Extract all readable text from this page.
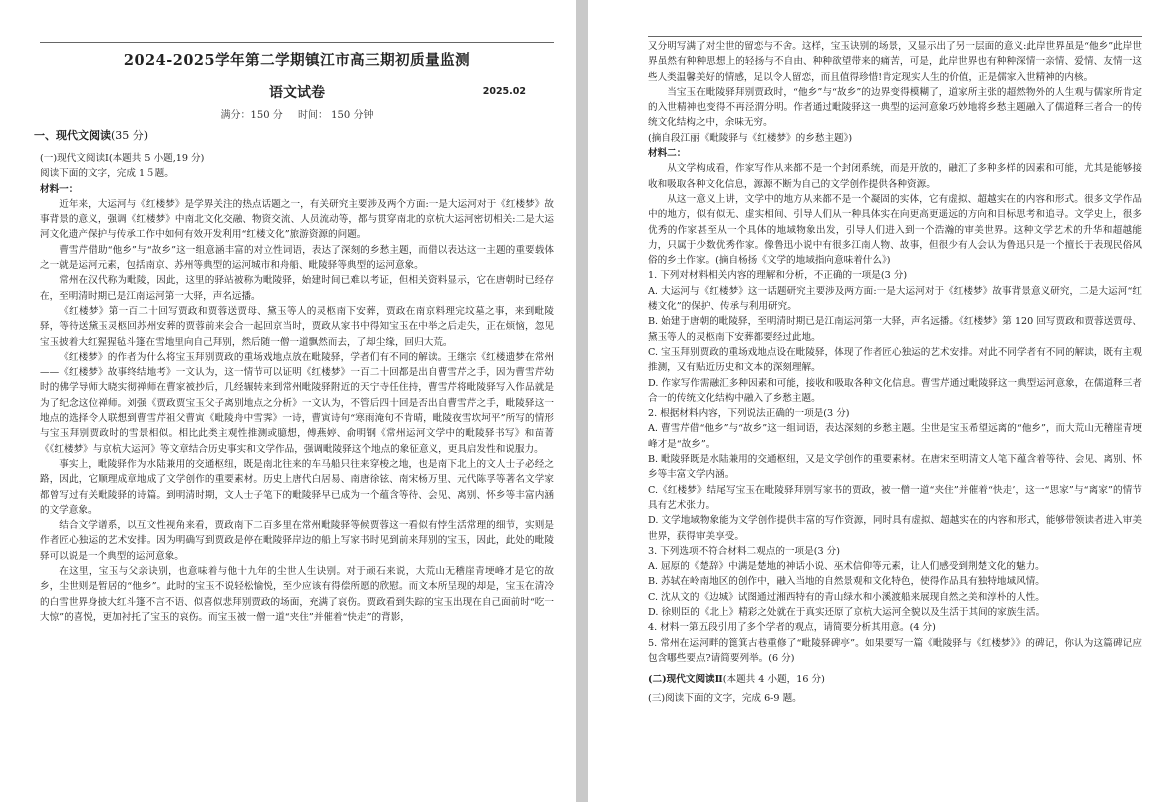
2024-2025学年第二学期镇江市高三期初质量监测
语文试卷	2025.02
满分：150 分 时间： 150 分钟
一、现代文阅读(35 分)

(一)现代文阅读Ⅰ(本题共 5 小题,19 分)

阅读下面的文字，完成 1５题。

材料一：

近年来，大运河与《红楼梦》是学界关注的热点话题之一，有关研究主要涉及两个方面:一是大运河对于《红楼梦》故事背景的意义，强调《红楼梦》中南北文化交融、物资交流、人员流动等，都与贯穿南北的京杭大运河密切相关:二是大运河文化遗产保护与传承工作中如何有效开发利用“红楼文化”旅游资源的问题。

曹雪芹借助“他乡”与“故乡”这一组意涵丰富的对立性词语，表达了深刻的乡愁主题，而借以表达这一主题的重要载体之一就是运河元素，包括南京、苏州等典型的运河城市和舟船、毗陵驿等典型的运河意象。

常州在汉代称为毗陵，因此，这里的驿站被称为毗陵驿，始建时间已难以考证，但相关资料显示，它在唐朝时已经存在，至明清时期已是江南运河第一大驿，声名远播。

《红楼梦》第一百二十回写贾政和贾蓉送贾母、黛玉等人的灵柩南下安葬，贾政在南京料理完坟墓之事，来到毗陵驿，等待送黛玉灵柩回苏州安葬的贾蓉前来会合一起回京当时，贾政从家书中得知宝玉在中举之后走失，正在烦恼，忽见宝玉披着大红猩猩毡斗篷在雪地里向自己拜别，然后随一僧一道飘然而去，了却尘缘，回归大荒。

《红楼梦》的作者为什么将宝玉拜别贾政的重场戏地点放在毗陵驿，学者们有不同的解读。王继宗《红楼遗梦在常州——《红楼梦》故事终结地考》一文认为，这一情节可以证明《红楼梦》一百二十回都是出自曹雪芹之手，因为曹雪芹幼时的佛学导师大晓实彻禅师在曹家被抄后，几经辗转来到常州毗陵驿附近的天宁寺任住持，曹雪芹将毗陵驿写入作品就是为了纪念这位禅师。刘强《贾政贾宝玉父子离别地点之分析》一文认为，不管后四十回是否出自曹雪芹之手，毗陵驿这一地点的选择令人联想到曹雪芹祖父曹寅《毗陵舟中雪霁》一诗，曹寅诗句“寒雨淹旬不肯晴，毗陵夜雪坎坷平”所写的情形与宝玉拜别贾政时的雪景相似。相比此类主观性推测或臆想，傅燕婷、俞明钢《常州运河文学中的毗陵驿书写》和苗菁《《红楼梦》与京杭大运河》等文章结合历史事实和文学作品，强调毗陵驿这个地点的象征意义，更具启发性和说服力。

事实上，毗陵驿作为水陆兼用的交通枢纽，既是南北往来的车马船只往来穿梭之地，也是南下北上的文人士子必经之路，因此，它顺理成章地成了文学创作的重要素材。历史上唐代白居易、南唐徐铉、南宋杨万里、元代陈孚等著名文学家都曾写过有关毗陵驿的诗篇。到明清时期，文人士子笔下的毗陵驿早已成为一个蕴含等待、会见、离别、怀乡等丰富内涵的文学意象。

结合文学谱系，以互文性视角来看，贾政南下二百多里在常州毗陵驿等候贾蓉这一看似有悖生活常理的细节，实则是作者匠心独运的艺术安排。因为明确写到贾政是停在毗陵驿岸边的船上写家书时见到前来拜别的宝玉，因此，此处的毗陵驿可以说是一个典型的运河意象。

在这里，宝玉与父亲诀别，也意味着与他十九年的尘世人生诀别。对于顽石来说，大荒山无稽崖青埂峰才是它的故乡，尘世则是暂居的“他乡”。此时的宝玉不说轻松愉悦，至少应该有得偿所愿的欣慰。而文本所呈现的却是，宝玉在清冷的白雪世界身披大红斗篷不言不语、似喜似悲拜别贾政的场面，充满了哀伤。贾政看到失踪的宝玉出现在自己面前时“吃一大惊”的喜悦，更加衬托了宝玉的哀伤。而宝玉被一僧一道“夹住”并催着“快走”的背影，

又分明写满了对尘世的留恋与不舍。这样，宝玉诀别的场景，又显示出了另一层面的意义:此岸世界虽是“他乡”此岸世界虽然有种种思想上的轻扬与不自由、种种欲望带来的痛苦，可是，此岸世界也有种种深情一亲情、爱情、友情一这些人类温馨美好的情感，足以令人留恋，而且值得珍惜!肯定现实人生的价值，正是儒家入世精神的内核。

当宝玉在毗陵驿拜别贾政时，“他乡”与“故乡”的边界变得模糊了，道家所主张的超然物外的人生观与儒家所肯定的入世精神也变得不再泾渭分明。作者通过毗陵驿这一典型的运河意象巧妙地将乡愁主题融入了儒道释三者合一的传统文化结构之中，余味无穷。

(摘自段江丽《毗陵驿与《红楼梦》的乡愁主题》)

材料二：

从文学构成看，作家写作从来都不是一个封闭系统，而是开放的，融汇了多种多样的因素和可能，尤其是能够接收和吸取各种文化信息，源源不断为自己的文学创作提供各种资源。

从这一意义上讲，文学中的地方从来都不是一个凝固的实体，它有虚拟、超越实在的内容和形式。很多文学作品中的地方，似有似无、虚实相间、引导人们从一种具体实在向更高更遥远的方向和目标思考和追寻。文学史上，很多优秀的作家甚至从一个具体的地域物象出发，引导人们进入到一个浩瀚的审美世界。这种文学艺术的升华和超越能力，只属于少数优秀作家。像鲁迅小说中有很多江南人物、故事，但很少有人会认为鲁迅只是一个擅长于表现民俗风俗的乡土作家。(摘自杨扬《文学的地域指向意味着什么》)

1. 下列对材料相关内容的理解和分析，不正确的一项是(3 分)

A. 大运河与《红楼梦》这一话题研究主要涉及两方面:一是大运河对于《红楼梦》故事背景意义研究，二是大运河“红楼文化”的保护、传承与利用研究。

B. 始建于唐朝的毗陵驿，至明清时期已是江南运河第一大驿，声名远播。《红楼梦》第 120 回写贾政和贾蓉送贾母、黛玉等人的灵柩南下安葬都要经过此地。

C. 宝玉拜别贾政的重场戏地点设在毗陵驿，体现了作者匠心独运的艺术安排。对此不同学者有不同的解读，既有主观推测，又有贴近历史和文本的深刻理解。

D. 作家写作需融汇多种因素和可能，接收和吸取各种文化信息。曹雪芹通过毗陵驿这一典型运河意象，在儒道释三者合一的传统文化结构中融入了乡愁主题。

2. 根据材料内容，下列说法正确的一项是(3 分)

A. 曹雪芹借“他乡”与“故乡”这一组词语，表达深刻的乡愁主题。尘世是宝玉希望远离的“他乡”，而大荒山无稽崖青埂峰才是“故乡”。

B. 毗陵驿既是水陆兼用的交通枢纽，又是文学创作的重要素材。在唐宋至明清文人笔下蕴含着等待、会见、离别、怀乡等丰富文学内涵。

C.《红楼梦》结尾写宝玉在毗陵驿拜别写家书的贾政，被一僧一道“夹住”并催着“快走’，这一“思家”与“离家”的情节具有艺术张力。

D. 文学地域物象能为文学创作提供丰富的写作资源，同时具有虚拟、超越实在的内容和形式，能够带领读者进入审美世界，获得审美享受。

3. 下列选项不符合材料二观点的一项是(3 分)

A. 屈原的《楚辞》中满是楚地的神话小说、巫术信仰等元素，让人们感受到荆楚文化的魅力。

B. 苏轼在岭南地区的创作中，融入当地的自然景观和文化特色，使得作品具有独特地域风情。

C. 沈从文的《边城》试图通过湘西特有的青山绿水和小溪渡船来展现自然之美和淳朴的人性。

D. 徐则臣的《北上》精彩之处就在于真实还原了京杭大运河全貌以及生活于其间的家族生活。

4. 材料一第五段引用了多个学者的观点，请简要分析其用意。(4 分)

5. 常州在运河畔的篦箕古巷重修了“毗陵驿碑亭”。如果要写一篇《毗陵驿与《红楼梦》》的碑记，你认为这篇碑记应包含哪些要点?请简要列举。(6 分)

(二)现代文阅读Ⅱ(本题共 4 小题，16 分)

(三)阅读下面的文字，完成 6-9 题。
